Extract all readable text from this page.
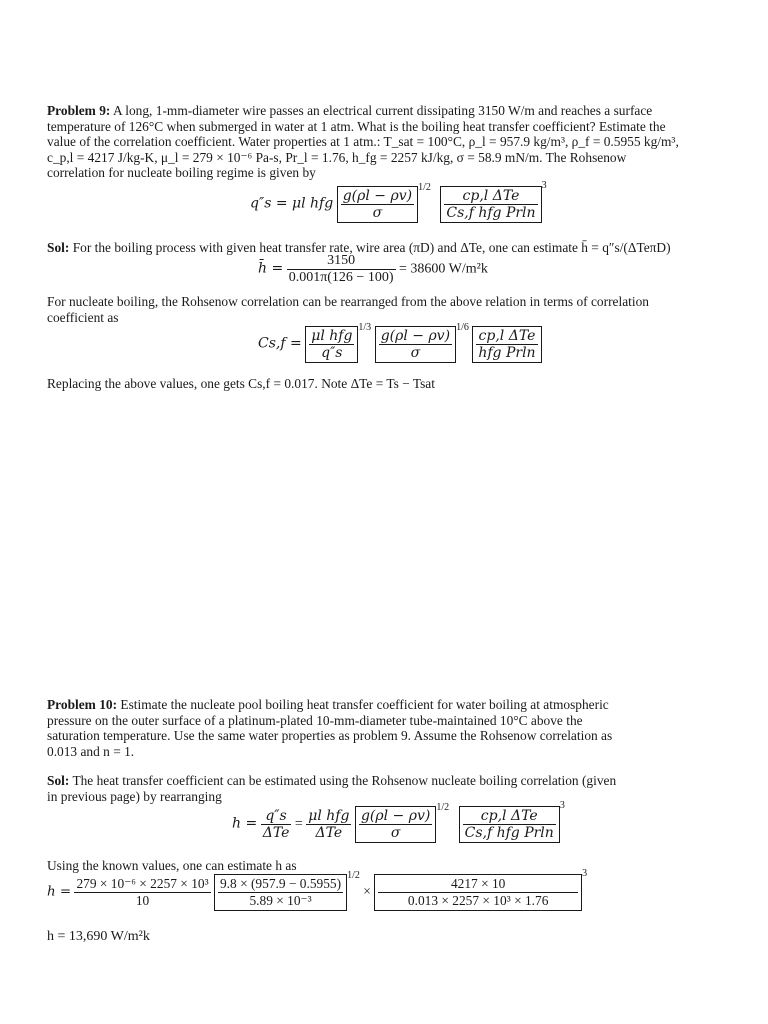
Problem 9: A long, 1-mm-diameter wire passes an electrical current dissipating 3150 W/m and reaches a surface
temperature of 126°C when submerged in water at 1 atm. What is the boiling heat transfer coefficient? Estimate the
value of the correlation coefficient. Water properties at 1 atm.: T_sat = 100°C, ρ_l = 957.9 kg/m³, ρ_f = 0.5955 kg/m³,
c_p,l = 4217 J/kg-K, μ_l = 279 × 10⁻⁶ Pa-s, Pr_l = 1.76, h_fg = 2257 kJ/kg, σ = 58.9 mN/m. The Rohsenow
correlation for nucleate boiling regime is given by
q″s = μl hfg $\frac{g(\rho l - \rho v)}{\sigma}$
$^{1/2}$
$\frac{\text{cp,l ΔTe}}{\text{Cs,f hfg Prln}}$
$^3$
Sol: For the boiling process with given heat transfer rate, wire area (πD) and ΔTe, one can estimate h̄ = q″s/(ΔTeπD)
h̄ = $\frac{3150}{0.001\pi(126 - 100)} = 38600$ W/m²k
For nucleate boiling, the Rohsenow correlation can be rearranged from the above relation in terms of correlation
coefficient as
$Cs,f = \frac{\text{μl hfg}}{q''s}$
$^{1/3}$
$\frac{g(\rho l - \rho v)}{\sigma}$
$^{1/6}$
$\frac{\text{cp,l ΔTe}}{\text{hfg Prln}}$
Replacing the above values, one gets Cs,f = 0.017. Note ΔTe = Ts − Tsat
Problem 10: Estimate the nucleate pool boiling heat transfer coefficient for water boiling at atmospheric
pressure on the outer surface of a platinum-plated 10-mm-diameter tube-maintained 10°C above the
saturation temperature. Use the same water properties as problem 9. Assume the Rohsenow correlation as
0.013 and n = 1.
Sol: The heat transfer coefficient can be estimated using the Rohsenow nucleate boiling correlation (given
in previous page) by rearranging
$h = \frac{q''s}{\text{ΔTe}} = \frac{\text{μl hfg}}{\text{ΔTe}}$
$\frac{g(\rho l - \rho v)}{\sigma}$
$^{1/2}$
$\frac{\text{cp,l ΔTe}}{\text{Cs,f hfg Prln}}$
$^3$
Using the known values, one can estimate h as
$h = \frac{\text{279 × 10⁻⁶ × 2257 × 10³}}{10}$
$\frac{9.8 \times (957.9 - 0.5955)}{\text{5.89 × 10⁻³}}$
$^{1/2} \times \frac{4217 \times 10}{\text{0.013 × 2257 × 10³ × 1.76}}$
$^3$
h = 13,690 W/m²k
